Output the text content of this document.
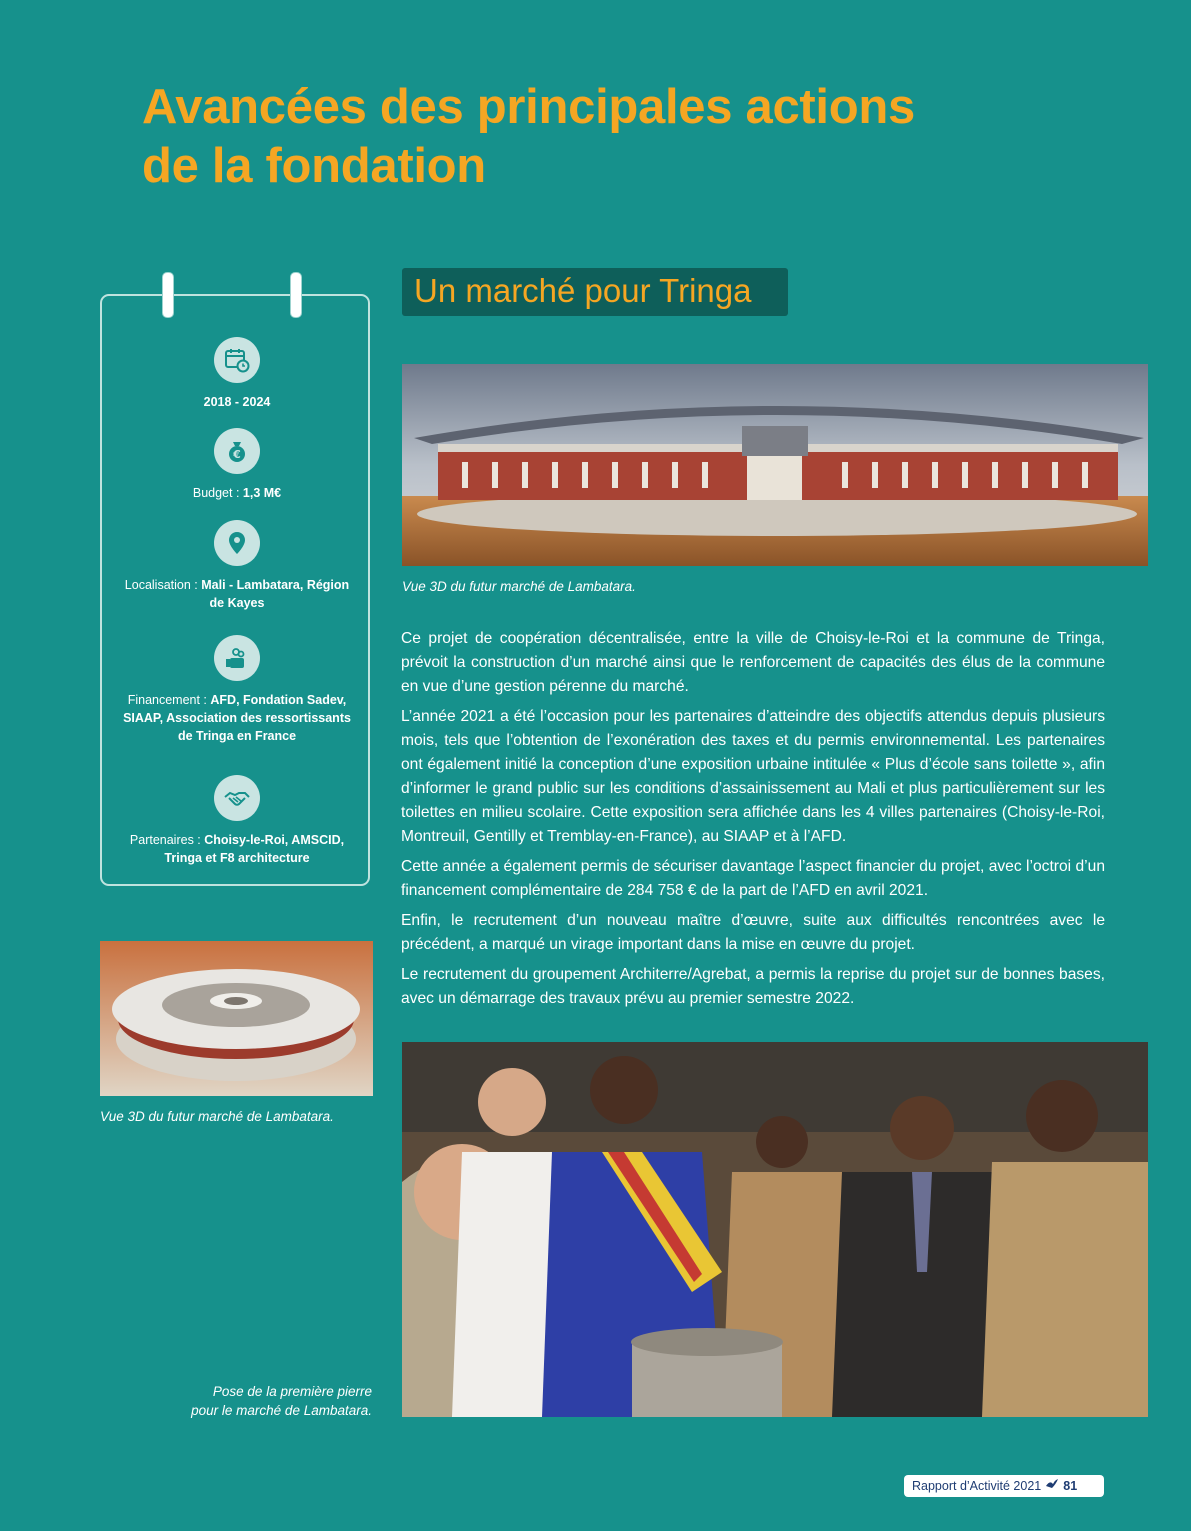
Avancées des principales actions
de la fondation
2018 - 2024
€
Budget : 1,3 M€
Localisation : Mali - Lambatara, Région de Kayes
Financement : AFD, Fondation Sadev, SIAAP, Association des ressortissants de Tringa en France
Partenaires : Choisy-le-Roi, AMSCID, Tringa et F8 architecture
Un marché pour Tringa
Vue 3D du futur marché de Lambatara.
Vue 3D du futur marché de Lambatara.

Ce projet de coopération décentralisée, entre la ville de Choisy-le-Roi et la commune de Tringa, prévoit la construction d’un marché ainsi que le renforcement de capacités des élus de la commune en vue d’une gestion pérenne du marché.

L’année 2021 a été l’occasion pour les partenaires d’atteindre des objectifs attendus depuis plusieurs mois, tels que l’obtention de l’exonération des taxes et du permis environnemental. Les partenaires ont également initié la conception d’une exposition urbaine intitulée « Plus d’école sans toilette », afin d’informer le grand public sur les conditions d’assainissement au Mali et plus particulièrement sur les toilettes en milieu scolaire. Cette exposition sera affichée dans les 4 villes partenaires (Choisy-le-Roi, Montreuil, Gentilly et Tremblay-en-France), au SIAAP et à l’AFD.

Cette année a également permis de sécuriser davantage l’aspect financier du projet, avec l’octroi d’un financement complémentaire de 284 758 € de la part de l’AFD en avril 2021.

Enfin, le recrutement d’un nouveau maître d’œuvre, suite aux difficultés rencontrées avec le précédent, a marqué un virage important dans la mise en œuvre du projet.

Le recrutement du groupement Architerre/Agrebat, a permis la reprise du projet sur de bonnes bases, avec un démarrage des travaux prévu au premier semestre 2022.

Pose de la première pierre
pour le marché de Lambatara.
Rapport d’Activité 2021 81
